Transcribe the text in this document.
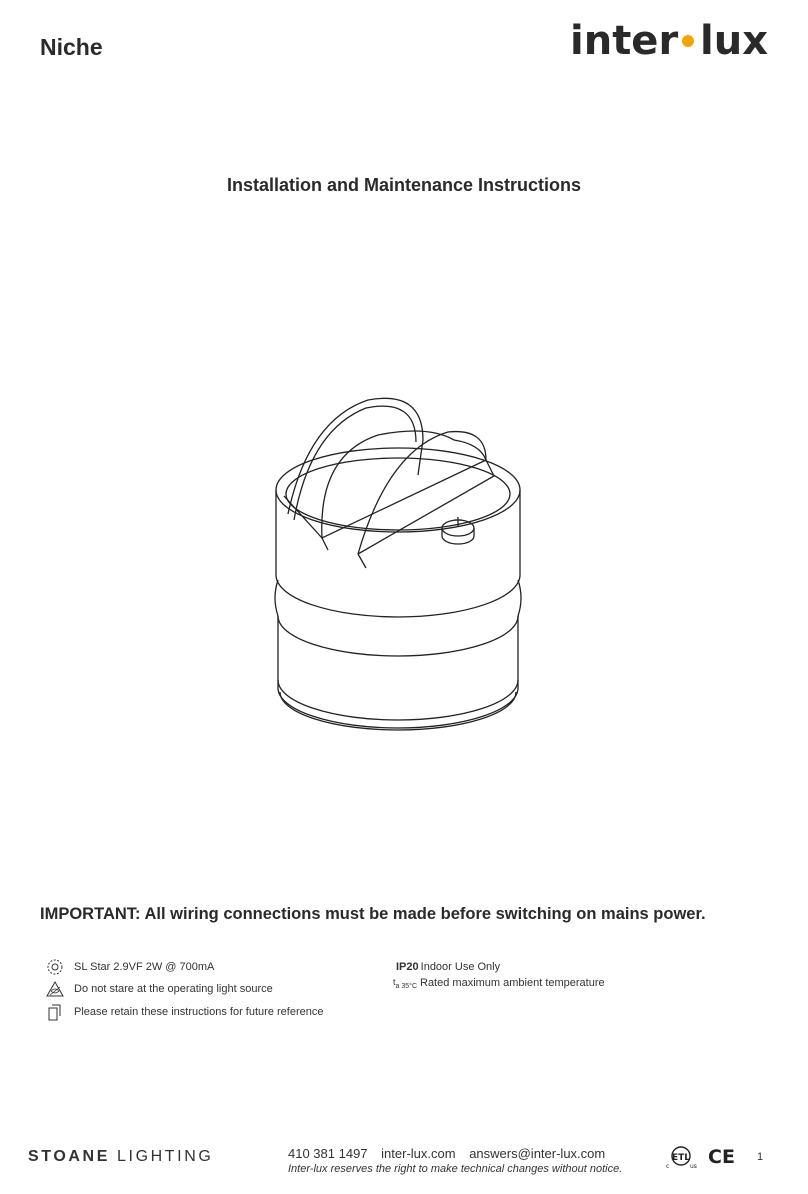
Niche	inter lux
Installation and Maintenance Instructions
IMPORTANT: All wiring connections must be made before switching on mains power.
SL Star 2.9VF 2W @ 700mA
Do not stare at the operating light source
Please retain these instructions for future reference
IP20 Indoor Use Only
$t_{a 35^\circ C}$ Rated maximum ambient temperature
STOANE LIGHTING	410 381 1497 inter-lux.com answers@inter-lux.com
Inter-lux reserves the right to make technical changes without notice.
ETL
c	us CE 1
